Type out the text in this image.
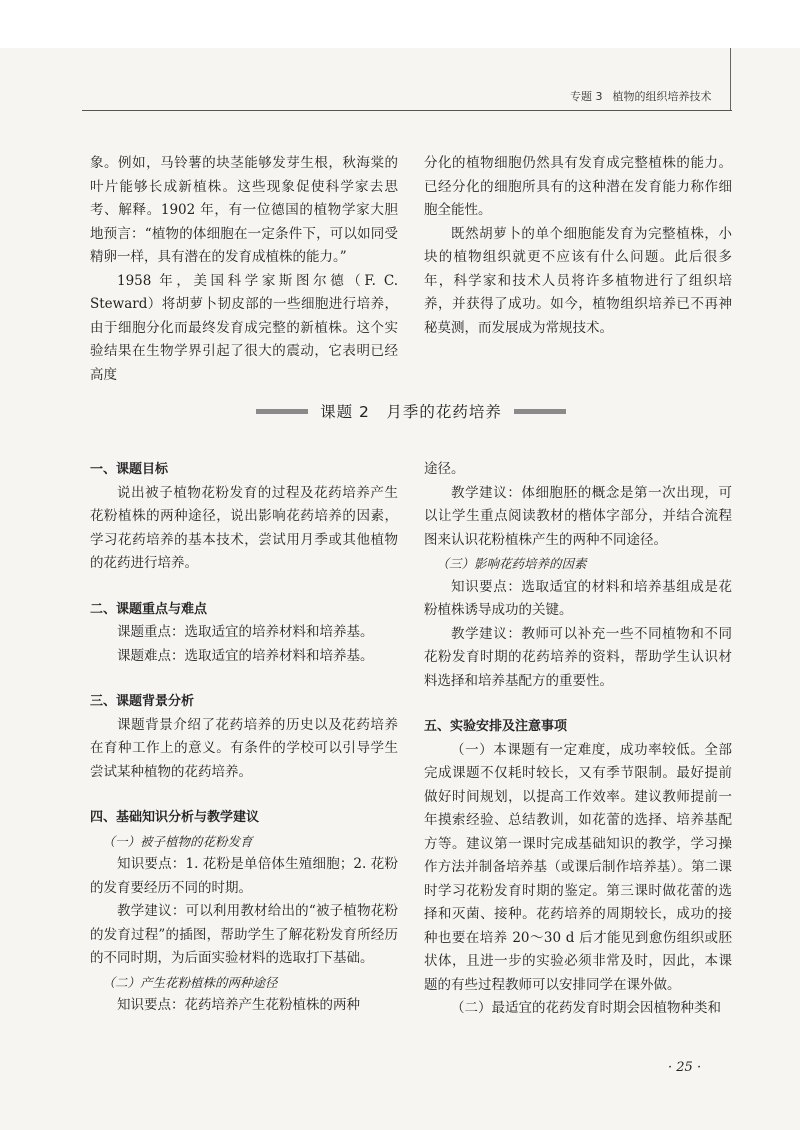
专题 3 植物的组织培养技术

象。例如，马铃薯的块茎能够发芽生根，秋海棠的叶片能够长成新植株。这些现象促使科学家去思考、解释。1902 年，有一位德国的植物学家大胆地预言：“植物的体细胞在一定条件下，可以如同受精卵一样，具有潜在的发育成植株的能力。”

1958 年，美国科学家斯图尔德（F. C. Steward）将胡萝卜韧皮部的一些细胞进行培养，由于细胞分化而最终发育成完整的新植株。这个实验结果在生物学界引起了很大的震动，它表明已经高度

分化的植物细胞仍然具有发育成完整植株的能力。已经分化的细胞所具有的这种潜在发育能力称作细胞全能性。

既然胡萝卜的单个细胞能发育为完整植株，小块的植物组织就更不应该有什么问题。此后很多年，科学家和技术人员将许多植物进行了组织培养，并获得了成功。如今，植物组织培养已不再神秘莫测，而发展成为常规技术。

课题 2　月季的花药培养

一、课题目标

说出被子植物花粉发育的过程及花药培养产生花粉植株的两种途径，说出影响花药培养的因素，学习花药培养的基本技术，尝试用月季或其他植物的花药进行培养。

二、课题重点与难点

课题重点：选取适宜的培养材料和培养基。

课题难点：选取适宜的培养材料和培养基。

三、课题背景分析

课题背景介绍了花药培养的历史以及花药培养在育种工作上的意义。有条件的学校可以引导学生尝试某种植物的花药培养。

四、基础知识分析与教学建议

（一）被子植物的花粉发育

知识要点：1. 花粉是单倍体生殖细胞；2. 花粉的发育要经历不同的时期。

教学建议：可以利用教材给出的“被子植物花粉的发育过程”的插图，帮助学生了解花粉发育所经历的不同时期，为后面实验材料的选取打下基础。

（二）产生花粉植株的两种途径

知识要点：花药培养产生花粉植株的两种

途径。

教学建议：体细胞胚的概念是第一次出现，可以让学生重点阅读教材的楷体字部分，并结合流程图来认识花粉植株产生的两种不同途径。

（三）影响花药培养的因素

知识要点：选取适宜的材料和培养基组成是花粉植株诱导成功的关键。

教学建议：教师可以补充一些不同植物和不同花粉发育时期的花药培养的资料，帮助学生认识材料选择和培养基配方的重要性。

五、实验安排及注意事项

（一）本课题有一定难度，成功率较低。全部完成课题不仅耗时较长，又有季节限制。最好提前做好时间规划，以提高工作效率。建议教师提前一年摸索经验、总结教训，如花蕾的选择、培养基配方等。建议第一课时完成基础知识的教学，学习操作方法并制备培养基（或课后制作培养基）。第二课时学习花粉发育时期的鉴定。第三课时做花蕾的选择和灭菌、接种。花药培养的周期较长，成功的接种也要在培养 20～30 d 后才能见到愈伤组织或胚状体，且进一步的实验必须非常及时，因此，本课题的有些过程教师可以安排同学在课外做。

（二）最适宜的花药发育时期会因植物种类和

· 25 ·
